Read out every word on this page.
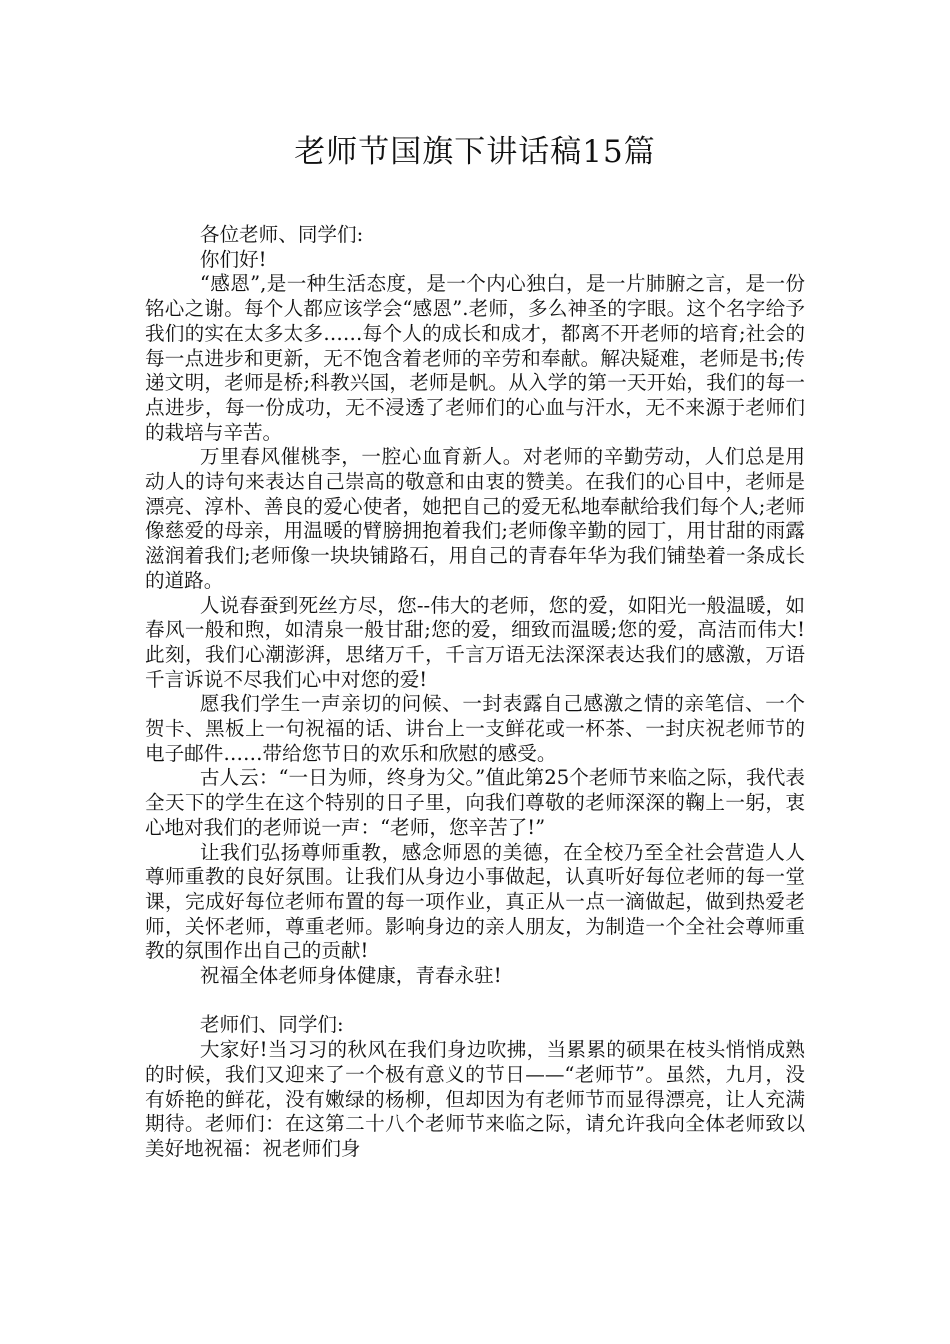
老师节国旗下讲话稿15篇

各位老师、同学们:

你们好!

“感恩”,是一种生活态度，是一个内心独白，是一片肺腑之言，是一份铭心之谢。每个人都应该学会“感恩”.老师，多么神圣的字眼。这个名字给予我们的实在太多太多……每个人的成长和成才，都离不开老师的培育;社会的每一点进步和更新，无不饱含着老师的辛劳和奉献。解决疑难，老师是书;传递文明，老师是桥;科教兴国，老师是帆。从入学的第一天开始，我们的每一点进步，每一份成功，无不浸透了老师们的心血与汗水，无不来源于老师们的栽培与辛苦。

万里春风催桃李，一腔心血育新人。对老师的辛勤劳动，人们总是用动人的诗句来表达自己崇高的敬意和由衷的赞美。在我们的心目中，老师是漂亮、淳朴、善良的爱心使者，她把自己的爱无私地奉献给我们每个人;老师像慈爱的母亲，用温暖的臂膀拥抱着我们;老师像辛勤的园丁，用甘甜的雨露滋润着我们;老师像一块块铺路石，用自己的青春年华为我们铺垫着一条成长的道路。

人说春蚕到死丝方尽，您--伟大的老师，您的爱，如阳光一般温暖，如春风一般和煦，如清泉一般甘甜;您的爱，细致而温暖;您的爱，高洁而伟大!此刻，我们心潮澎湃，思绪万千，千言万语无法深深表达我们的感激，万语千言诉说不尽我们心中对您的爱!

愿我们学生一声亲切的问候、一封表露自己感激之情的亲笔信、一个贺卡、黑板上一句祝福的话、讲台上一支鲜花或一杯茶、一封庆祝老师节的电子邮件……带给您节日的欢乐和欣慰的感受。

古人云：“一日为师，终身为父。”值此第25个老师节来临之际，我代表全天下的学生在这个特别的日子里，向我们尊敬的老师深深的鞠上一躬，衷心地对我们的老师说一声：“老师，您辛苦了!”

让我们弘扬尊师重教，感念师恩的美德，在全校乃至全社会营造人人尊师重教的良好氛围。让我们从身边小事做起，认真听好每位老师的每一堂课，完成好每位老师布置的每一项作业，真正从一点一滴做起，做到热爱老师，关怀老师，尊重老师。影响身边的亲人朋友，为制造一个全社会尊师重教的氛围作出自己的贡献!

祝福全体老师身体健康，青春永驻!

老师们、同学们:

大家好!当习习的秋风在我们身边吹拂，当累累的硕果在枝头悄悄成熟的时候，我们又迎来了一个极有意义的节日——“老师节”。虽然，九月，没有娇艳的鲜花，没有嫩绿的杨柳，但却因为有老师节而显得漂亮，让人充满期待。老师们：在这第二十八个老师节来临之际，请允许我向全体老师致以美好地祝福：祝老师们身
